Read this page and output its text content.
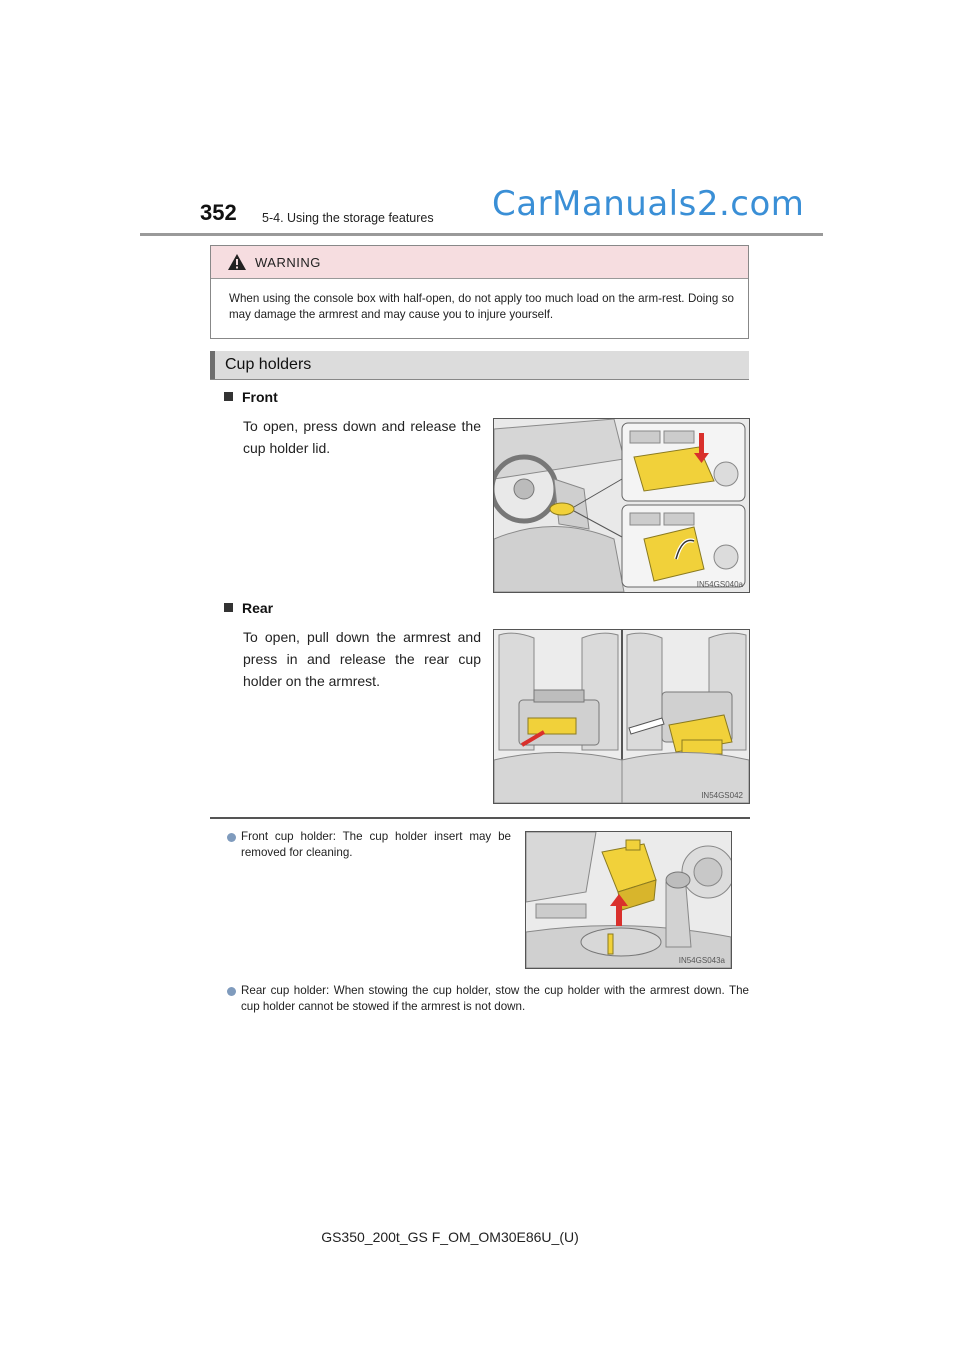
352 5-4. Using the storage features CarManuals2.com
WARNING
When using the console box with half-open, do not apply too much load on the arm-rest. Doing so may damage the armrest and may cause you to injure yourself.
Cup holders
Front
To open, press down and release the cup holder lid.
IN54GS040a
Rear
To open, pull down the armrest and press in and release the rear cup holder on the armrest.
IN54GS042
Front cup holder: The cup holder insert may be removed for cleaning.
IN54GS043a
Rear cup holder: When stowing the cup holder, stow the cup holder with the armrest down. The cup holder cannot be stowed if the armrest is not down.
GS350_200t_GS F_OM_OM30E86U_(U)
